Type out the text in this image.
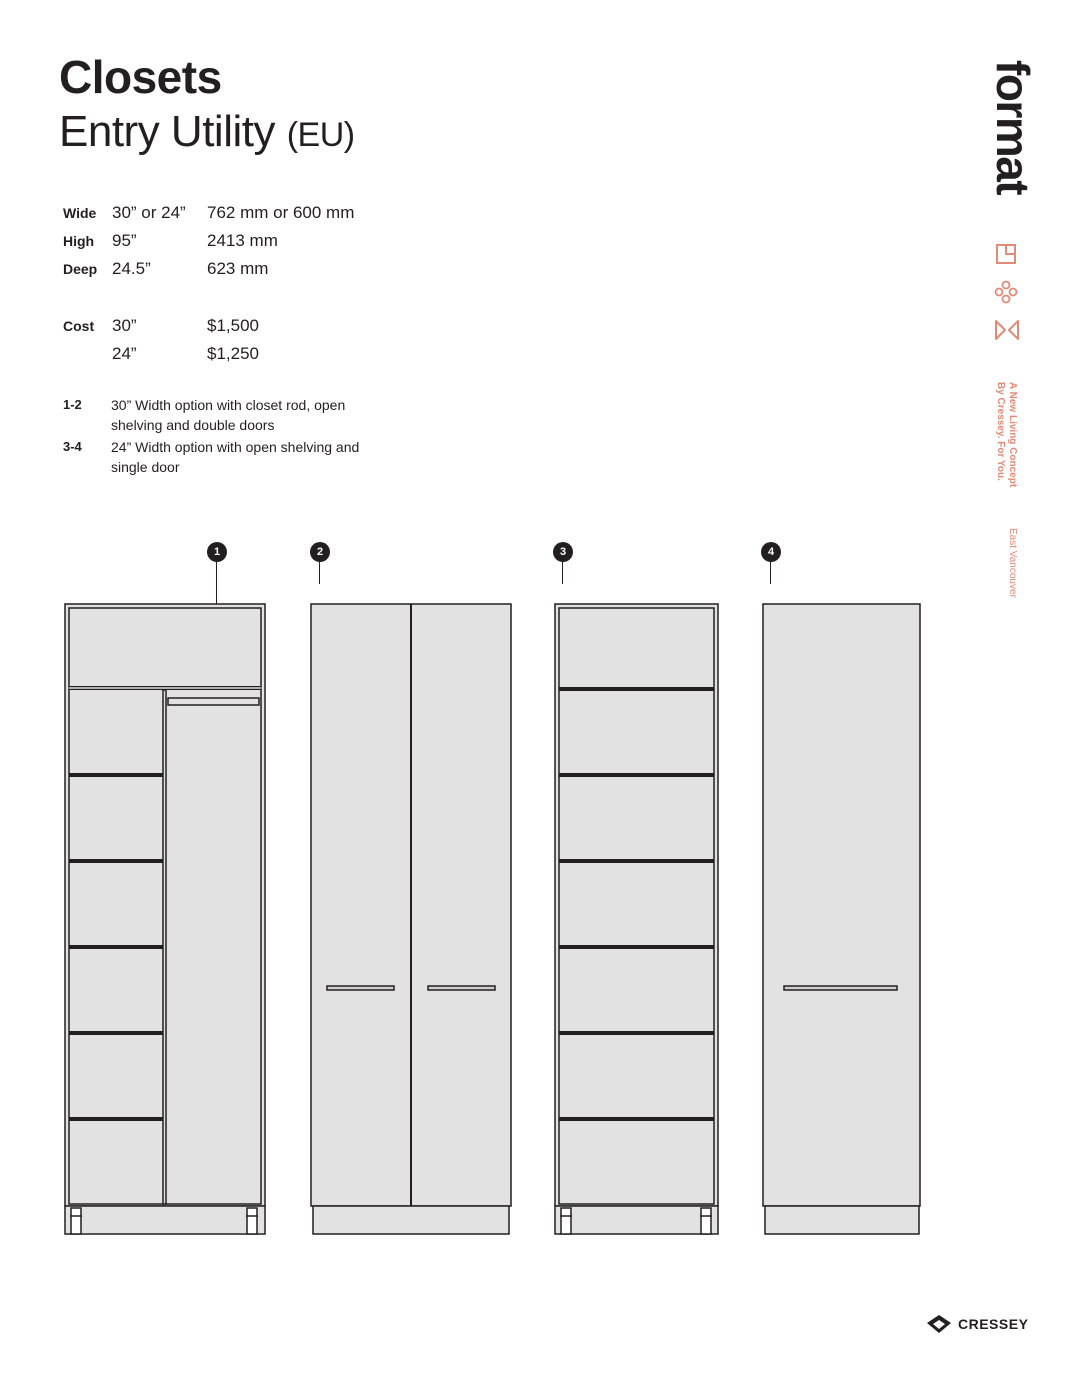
Closets
Entry Utility (EU)
Wide 30” or 24”	762 mm or 600 mm
High	95”	2413 mm
Deep 24.5”	623 mm
Cost	30”	$1,500
24”	$1,250
1-2	30” Width option with closet rod, open shelving and double doors
3-4	24” Width option with open shelving and single door
format
A New Living Concept
By Cressey. For You.
East Vancouver
1	2	3	4
CRESSEY
